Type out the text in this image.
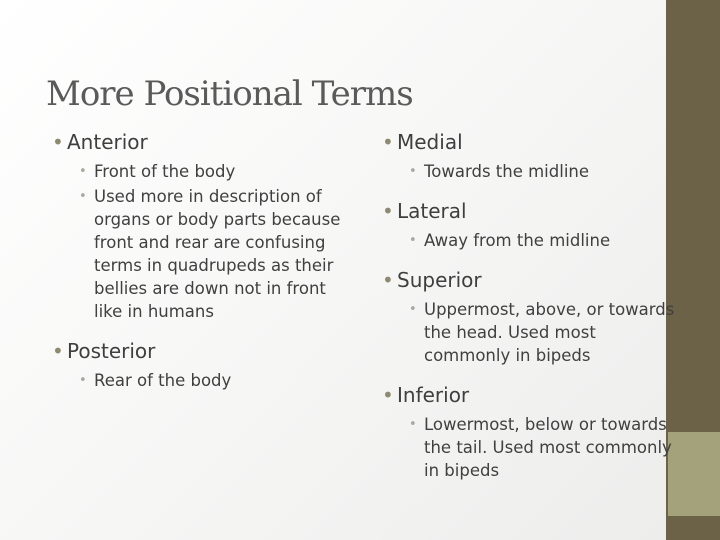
More Positional Terms
• Anterior
• Front of the body
• Used more in description of organs or body parts because front and rear are confusing terms in quadrupeds as their bellies are down not in front like in humans
• Posterior
• Rear of the body
• Medial
• Towards the midline
• Lateral
• Away from the midline
• Superior
• Uppermost, above, or towards the head. Used most commonly in bipeds
• Inferior
• Lowermost, below or towards the tail. Used most commonly in bipeds
